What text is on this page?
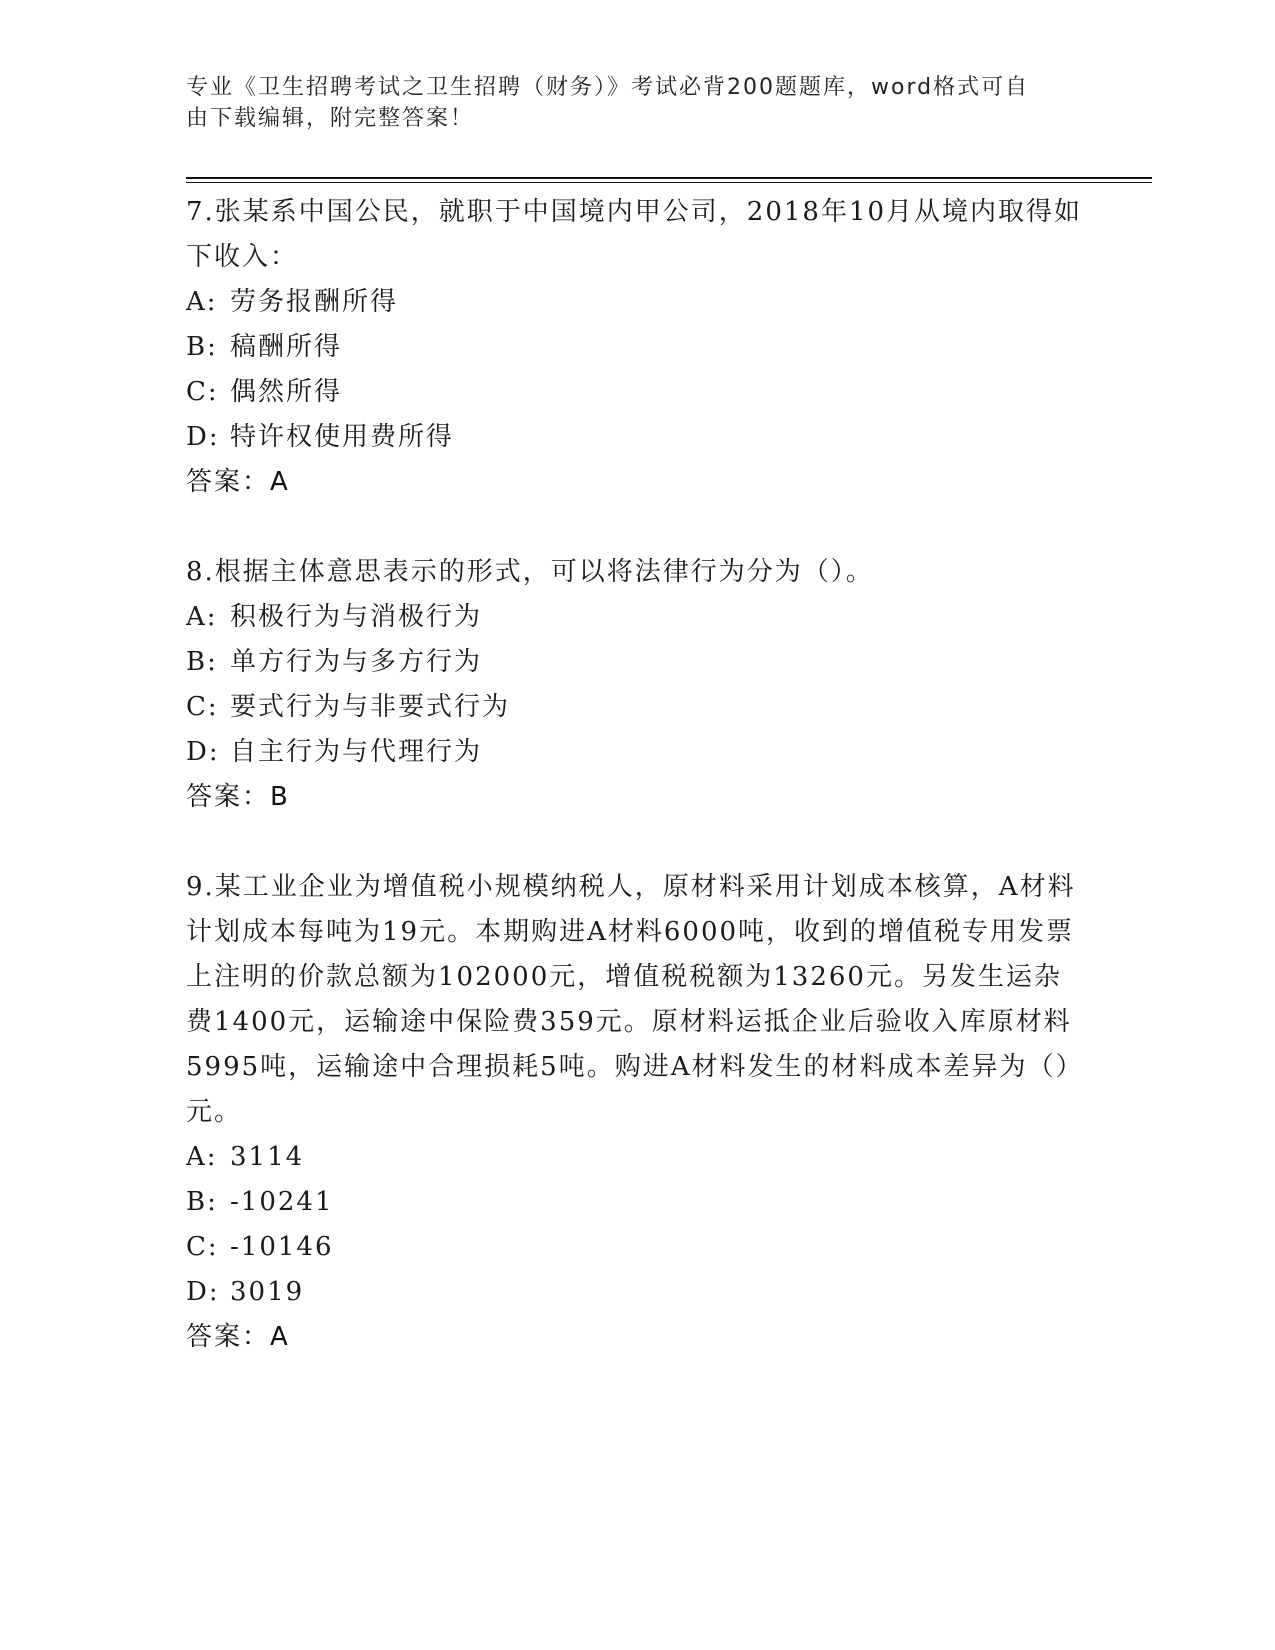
专业《卫生招聘考试之卫生招聘（财务）》考试必背200题题库，word格式可自
由下载编辑，附完整答案！

7.张某系中国公民，就职于中国境内甲公司，2018年10月从境内取得如下收入：

A: 劳务报酬所得
B: 稿酬所得
C: 偶然所得
D: 特许权使用费所得

答案：A

8.根据主体意思表示的形式，可以将法律行为分为（）。

A: 积极行为与消极行为
B: 单方行为与多方行为
C: 要式行为与非要式行为
D: 自主行为与代理行为

答案：B

9.某工业企业为增值税小规模纳税人，原材料采用计划成本核算，A材料计划成本每吨为19元。本期购进A材料6000吨，收到的增值税专用发票上注明的价款总额为102000元，增值税税额为13260元。另发生运杂费1400元，运输途中保险费359元。原材料运抵企业后验收入库原材料5995吨，运输途中合理损耗5吨。购进A材料发生的材料成本差异为（）元。

A: 3114
B: -10241
C: -10146
D: 3019

答案：A
